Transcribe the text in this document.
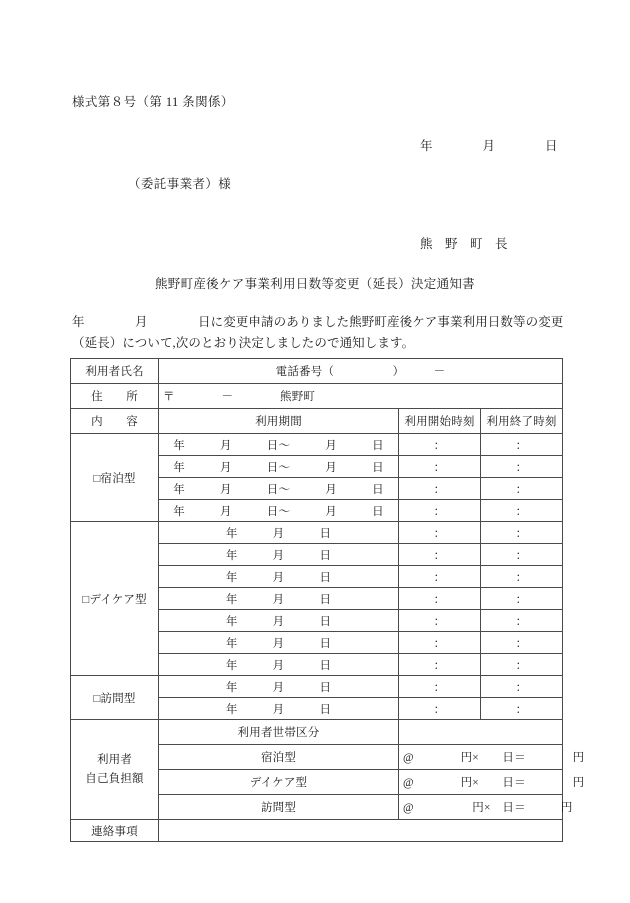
様式第８号（第 11 条関係）
年　　　　月　　　　日
（委託事業者）様
熊　野　町　長
熊野町産後ケア事業利用日数等変更（延長）決定通知書
年　　　　月　　　　日に変更申請のありました熊野町産後ケア事業利用日数等の変更
（延長）について,次のとおり決定しましたので通知します。
利用者氏名	電話番号（　　　　　）　　　－		
住　　所	〒　　　　－　　　　熊野町		
内　　容	利用期間	利用開始時刻	利用終了時刻
□宿泊型	年　　　月　　　日～　　　月　　　日	：	：
	年　　　月　　　日～　　　月　　　日	：	：
	年　　　月　　　日～　　　月　　　日	：	：
	年　　　月　　　日～　　　月　　　日	：	：
□デイケア型	年　　　月　　　日	：	：
	年　　　月　　　日	：	：
	年　　　月　　　日	：	：
	年　　　月　　　日	：	：
	年　　　月　　　日	：	：
	年　　　月　　　日	：	：
	年　　　月　　　日	：	：
□訪問型	年　　　月　　　日	：	：
	年　　　月　　　日	：	：
利用者
自己負担額	利用者世帯区分		
	宿泊型	@　　　　円×　　日＝　　　　円	
	デイケア型	@　　　　円×　　日＝　　　　円	
	訪問型	@　　　　　円×　日＝　　　円	
連絡事項			
